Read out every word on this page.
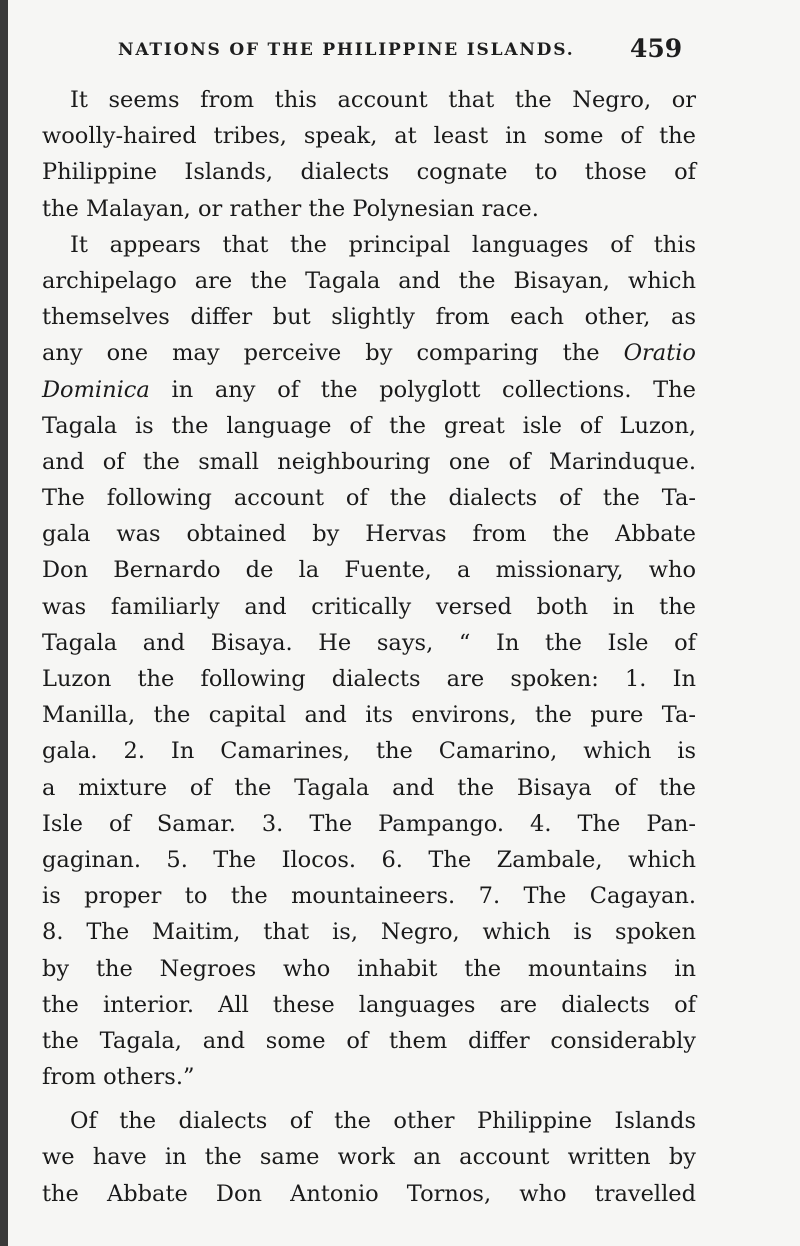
NATIONS OF THE PHILIPPINE ISLANDS. 459
It seems from this account that the Negro, or
woolly-haired tribes, speak, at least in some of the
Philippine Islands, dialects cognate to those of
the Malayan, or rather the Polynesian race.
It appears that the principal languages of this
archipelago are the Tagala and the Bisayan, which
themselves differ but slightly from each other, as
any one may perceive by comparing the Oratio
Dominica in any of the polyglott collections. The
Tagala is the language of the great isle of Luzon,
and of the small neighbouring one of Marinduque.
The following account of the dialects of the Ta-
gala was obtained by Hervas from the Abbate
Don Bernardo de la Fuente, a missionary, who
was familiarly and critically versed both in the
Tagala and Bisaya. He says, “ In the Isle of
Luzon the following dialects are spoken: 1. In
Manilla, the capital and its environs, the pure Ta-
gala. 2. In Camarines, the Camarino, which is
a mixture of the Tagala and the Bisaya of the
Isle of Samar. 3. The Pampango. 4. The Pan-
gaginan. 5. The Ilocos. 6. The Zambale, which
is proper to the mountaineers. 7. The Cagayan.
8. The Maitim, that is, Negro, which is spoken
by the Negroes who inhabit the mountains in
the interior. All these languages are dialects of
the Tagala, and some of them differ considerably
from others.”
Of the dialects of the other Philippine Islands
we have in the same work an account written by
the Abbate Don Antonio Tornos, who travelled
